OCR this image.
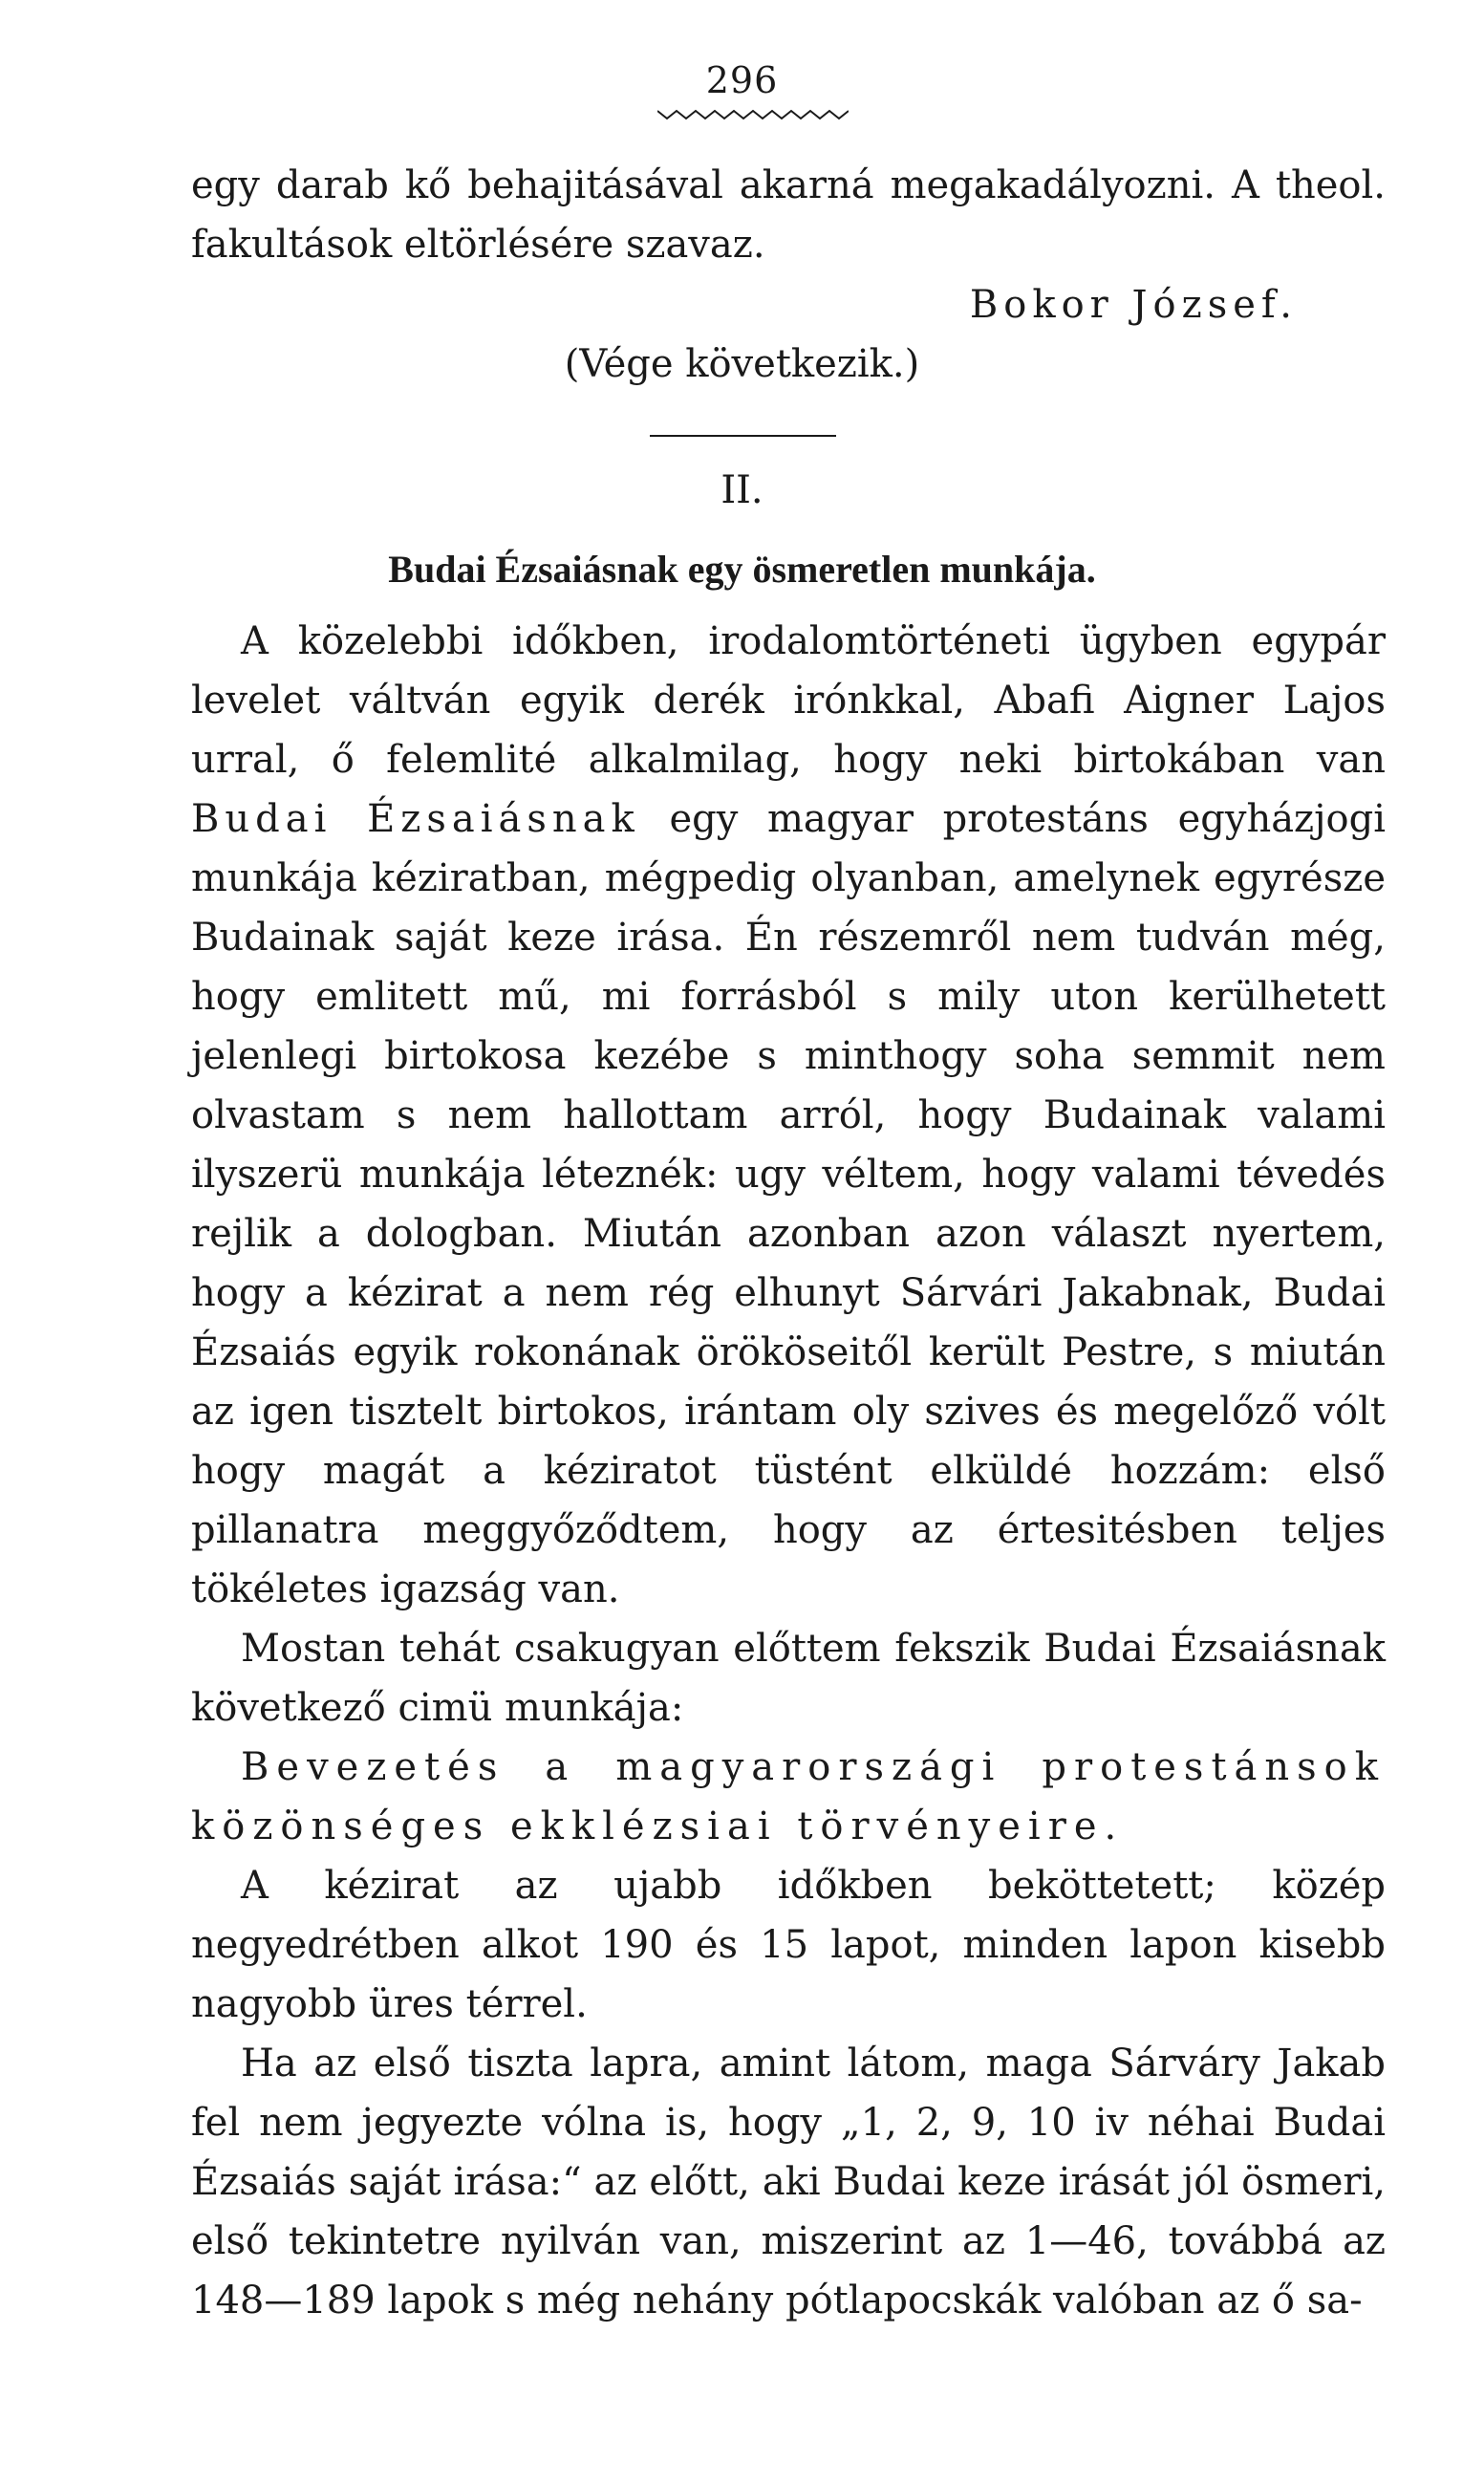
296

egy darab kő behajitásával akarná megakadályozni. A theol. fakultások eltörlésére szavaz.

Bokor József.
(Vége következik.)
II.
Budai Ézsaiásnak egy ösmeretlen munkája.

A közelebbi időkben, irodalomtörténeti ügyben egypár levelet váltván egyik derék irónkkal, Abafi Aigner Lajos urral, ő felemlité alkalmilag, hogy neki birtokában van Budai Ézsaiásnak egy magyar protestáns egyházjogi munkája kéziratban, mégpedig olyanban, amelynek egyrésze Budainak saját keze irása. Én részemről nem tudván még, hogy emlitett mű, mi forrásból s mily uton kerülhetett jelenlegi birtokosa kezébe s minthogy soha semmit nem olvastam s nem hallottam arról, hogy Budainak valami ilyszerü munkája léteznék: ugy véltem, hogy valami tévedés rejlik a dologban. Miután azonban azon választ nyertem, hogy a kézirat a nem rég elhunyt Sárvári Jakabnak, Budai Ézsaiás egyik rokonának örököseitől került Pestre, s miután az igen tisztelt birtokos, irántam oly szives és megelőző vólt hogy magát a kéziratot tüstént elküldé hozzám: első pillanatra meggyőződtem, hogy az értesitésben teljes tökéletes igazság van.

Mostan tehát csakugyan előttem fekszik Budai Ézsaiásnak következő cimü munkája:

Bevezetés a magyarországi protestánsok közönséges ekklézsiai törvényeire.

A kézirat az ujabb időkben beköttetett; közép negyedrétben alkot 190 és 15 lapot, minden lapon kisebb nagyobb üres térrel.

Ha az első tiszta lapra, amint látom, maga Sárváry Jakab fel nem jegyezte vólna is, hogy „1, 2, 9, 10 iv néhai Budai Ézsaiás saját irása:“ az előtt, aki Budai keze irását jól ösmeri, első tekintetre nyilván van, miszerint az 1—46, továbbá az 148—189 lapok s még nehány pótlapocskák valóban az ő sa-
